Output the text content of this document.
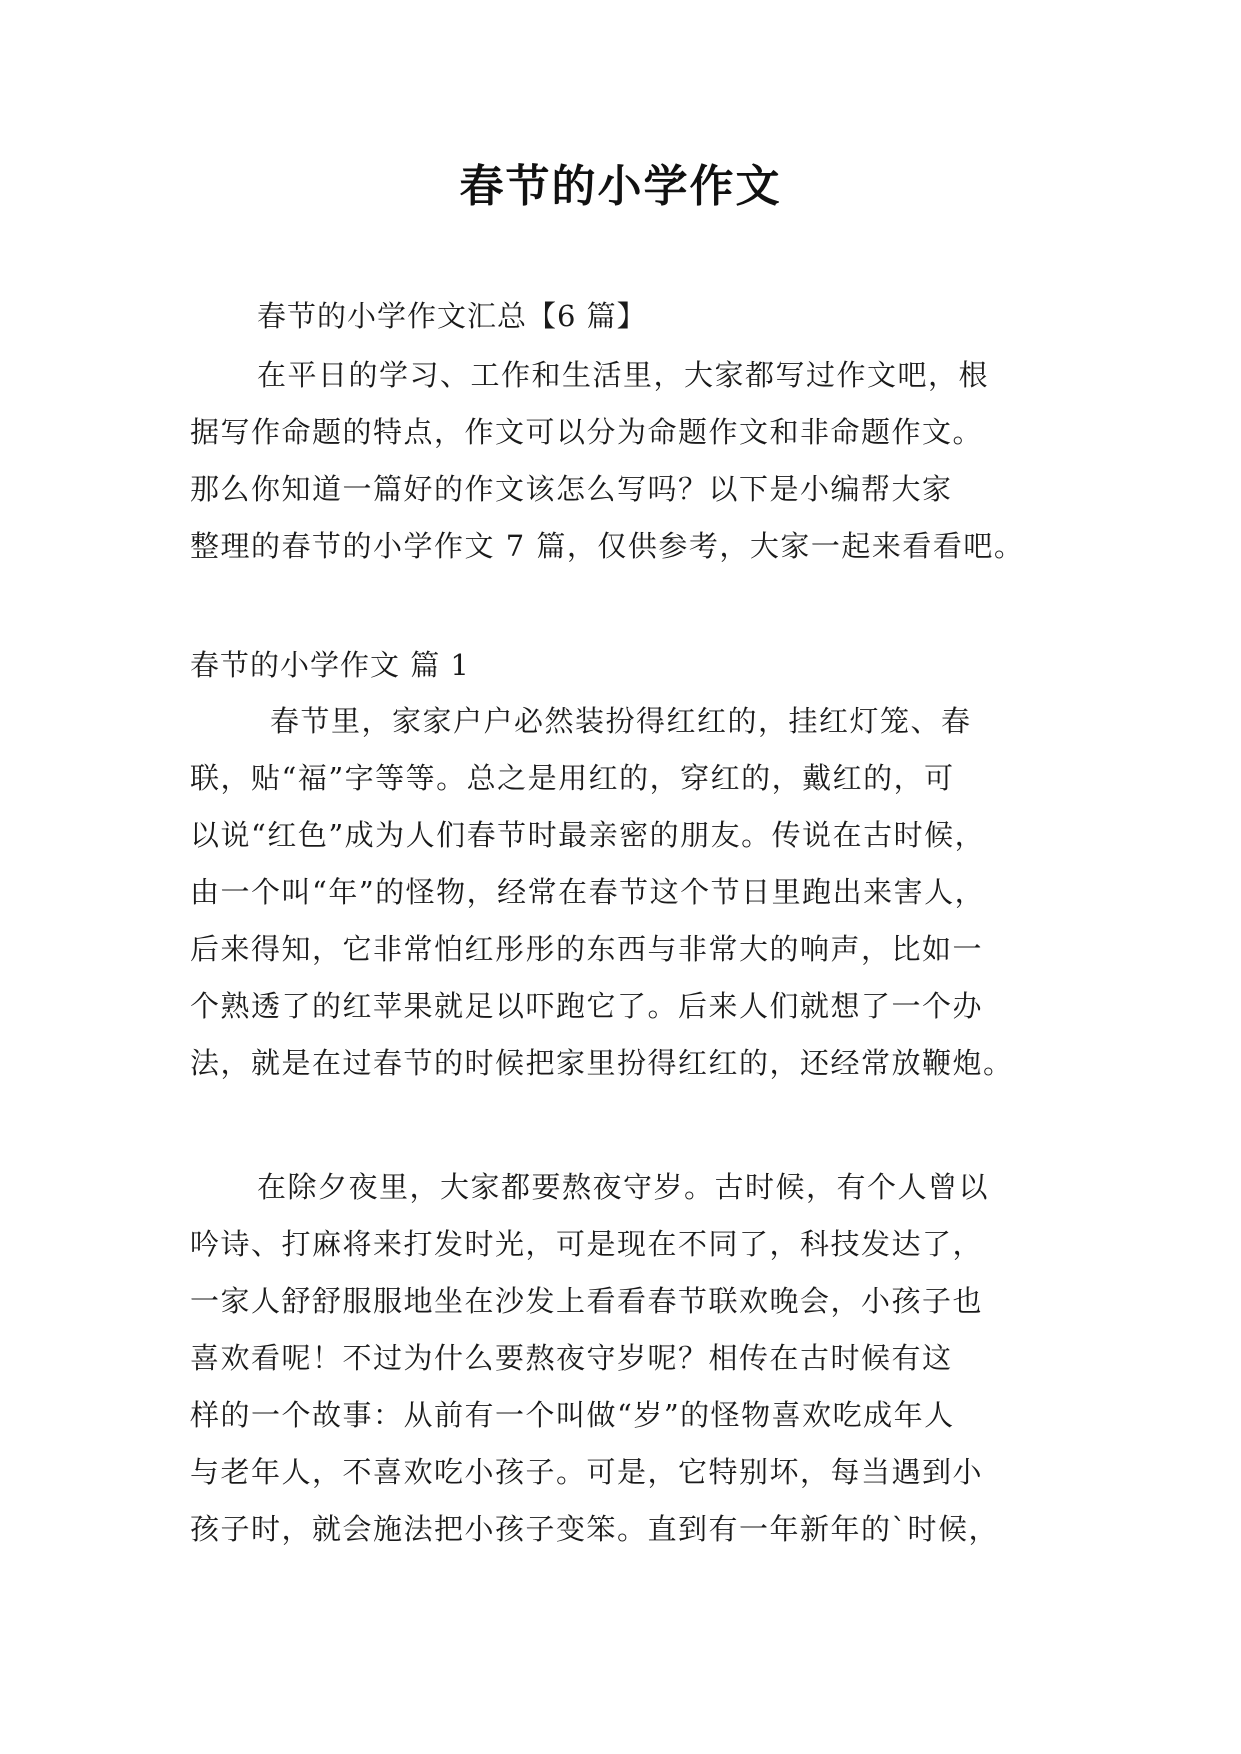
春节的小学作文
春节的小学作文汇总【6 篇】
在平日的学习、工作和生活里，大家都写过作文吧，根
据写作命题的特点，作文可以分为命题作文和非命题作文。
那么你知道一篇好的作文该怎么写吗？以下是小编帮大家
整理的春节的小学作文 7 篇，仅供参考，大家一起来看看吧。
春节的小学作文 篇 1
春节里，家家户户必然装扮得红红的，挂红灯笼、春
联，贴“福”字等等。总之是用红的，穿红的，戴红的，可
以说“红色”成为人们春节时最亲密的朋友。传说在古时候，
由一个叫“年”的怪物，经常在春节这个节日里跑出来害人，
后来得知，它非常怕红彤彤的东西与非常大的响声，比如一
个熟透了的红苹果就足以吓跑它了。后来人们就想了一个办
法，就是在过春节的时候把家里扮得红红的，还经常放鞭炮。
在除夕夜里，大家都要熬夜守岁。古时候，有个人曾以
吟诗、打麻将来打发时光，可是现在不同了，科技发达了，
一家人舒舒服服地坐在沙发上看看春节联欢晚会，小孩子也
喜欢看呢！不过为什么要熬夜守岁呢？相传在古时候有这
样的一个故事：从前有一个叫做“岁”的怪物喜欢吃成年人
与老年人，不喜欢吃小孩子。可是，它特别坏，每当遇到小
孩子时，就会施法把小孩子变笨。直到有一年新年的`时候，
